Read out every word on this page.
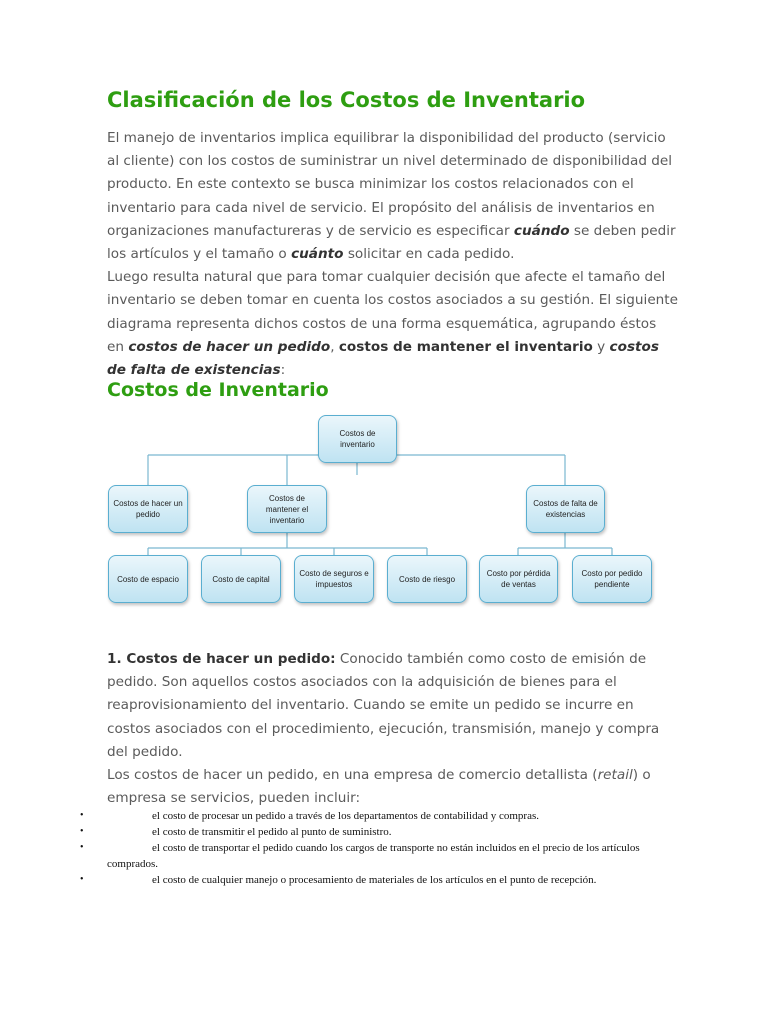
Clasificación de los Costos de Inventario

El manejo de inventarios implica equilibrar la disponibilidad del producto (servicio
al cliente) con los costos de suministrar un nivel determinado de disponibilidad del
producto. En este contexto se busca minimizar los costos relacionados con el
inventario para cada nivel de servicio. El propósito del análisis de inventarios en
organizaciones manufactureras y de servicio es especificar cuándo se deben pedir
los artículos y el tamaño o cuánto solicitar en cada pedido.
Luego resulta natural que para tomar cualquier decisión que afecte el tamaño del
inventario se deben tomar en cuenta los costos asociados a su gestión. El siguiente
diagrama representa dichos costos de una forma esquemática, agrupando éstos
en costos de hacer un pedido, costos de mantener el inventario y costos
de falta de existencias:

Costos de Inventario
Costos de inventario
Costos de hacer un pedido
Costos de mantener el inventario
Costos de falta de existencias
Costo de espacio	Costo de capital
Costo de seguros e impuestos
Costo de riesgo
Costo por pérdida de ventas
Costo por pedido pendiente

1. Costos de hacer un pedido: Conocido también como costo de emisión de
pedido. Son aquellos costos asociados con la adquisición de bienes para el
reaprovisionamiento del inventario. Cuando se emite un pedido se incurre en
costos asociados con el procedimiento, ejecución, transmisión, manejo y compra
del pedido.
Los costos de hacer un pedido, en una empresa de comercio detallista (retail) o
empresa se servicios, pueden incluir:

•	el costo de procesar un pedido a través de los departamentos de contabilidad y compras.
•	el costo de transmitir el pedido al punto de suministro.
•	el costo de transportar el pedido cuando los cargos de transporte no están incluidos en el precio de los artículos comprados.
•	el costo de cualquier manejo o procesamiento de materiales de los artículos en el punto de recepción.
